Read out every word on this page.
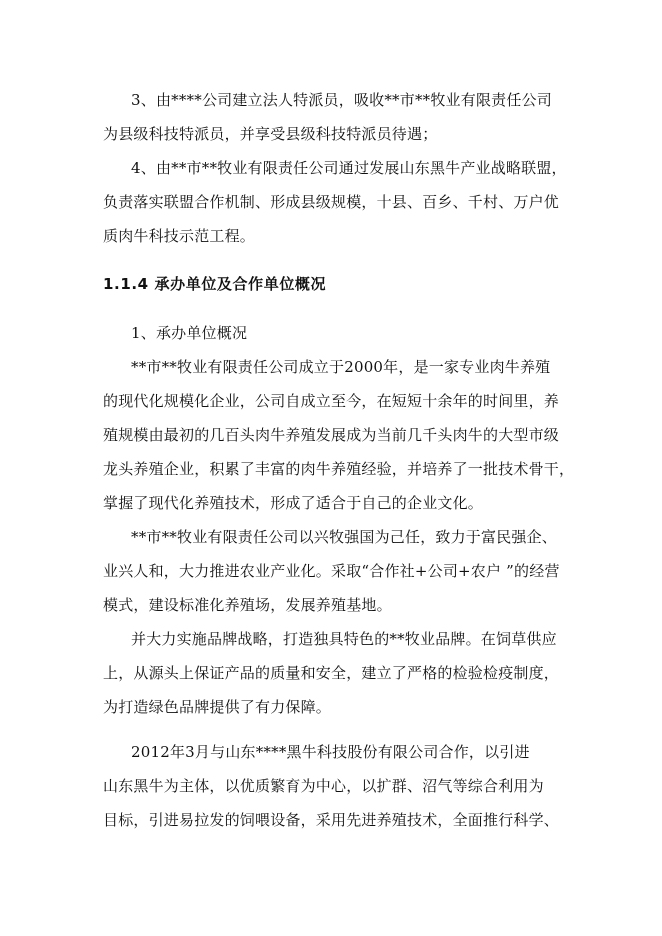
3、由****公司建立法人特派员，吸收**市**牧业有限责任公司
为县级科技特派员，并享受县级科技特派员待遇；
4、由**市**牧业有限责任公司通过发展山东黑牛产业战略联盟，
负责落实联盟合作机制、形成县级规模，十县、百乡、千村、万户优
质肉牛科技示范工程。
1.1.4 承办单位及合作单位概况
1、承办单位概况
**市**牧业有限责任公司成立于2000年，是一家专业肉牛养殖
的现代化规模化企业，公司自成立至今，在短短十余年的时间里，养
殖规模由最初的几百头肉牛养殖发展成为当前几千头肉牛的大型市级
龙头养殖企业，积累了丰富的肉牛养殖经验，并培养了一批技术骨干，
掌握了现代化养殖技术，形成了适合于自己的企业文化。
**市**牧业有限责任公司以兴牧强国为己任，致力于富民强企、
业兴人和，大力推进农业产业化。采取“合作社+公司+农户 ”的经营
模式，建设标准化养殖场，发展养殖基地。
并大力实施品牌战略，打造独具特色的**牧业品牌。在饲草供应
上，从源头上保证产品的质量和安全，建立了严格的检验检疫制度，
为打造绿色品牌提供了有力保障。
2012年3月与山东****黑牛科技股份有限公司合作，以引进
山东黑牛为主体，以优质繁育为中心，以扩群、沼气等综合利用为
目标，引进易拉发的饲喂设备，采用先进养殖技术，全面推行科学、
